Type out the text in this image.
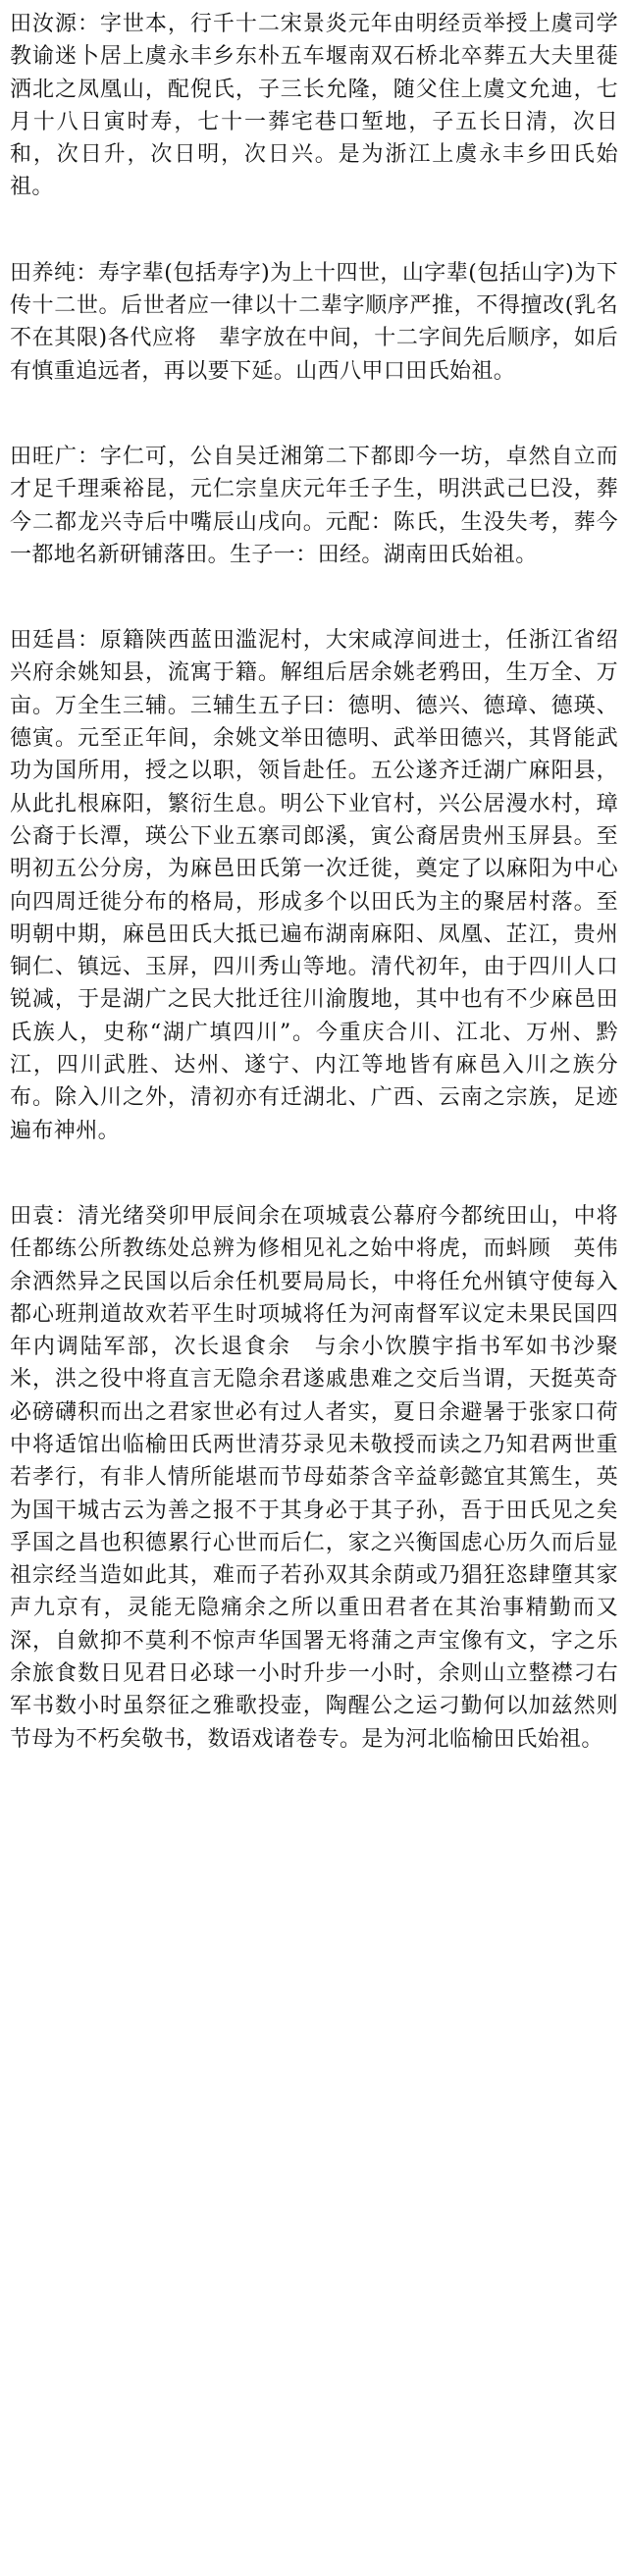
田汝源：字世本，行千十二宋景炎元年由明经贡举授上虞司学教谕迷卜居上虞永丰乡东朴五车堰南双石桥北卒葬五大夫里蓰洒北之凤凰山，配倪氏，子三长允隆，随父住上虞文允迪，七月十八日寅时寿，七十一葬宅巷口堑地，子五长日清，次日和，次日升，次日明，次日兴。是为浙江上虞永丰乡田氏始祖。

田养纯：寿字辈(包括寿字)为上十四世，山字辈(包括山字)为下传十二世。后世者应一律以十二辈字顺序严推，不得擅改(乳名不在其限)各代应将　辈字放在中间，十二字间先后顺序，如后有慎重追远者，再以要下延。山西八甲口田氏始祖。

田旺广：字仁可，公自吴迁湘第二下都即今一坊，卓然自立而才足千理乘裕昆，元仁宗皇庆元年壬子生，明洪武己巳没，葬今二都龙兴寺后中嘴辰山戌向。元配：陈氏，生没失考，葬今一都地名新研铺落田。生子一：田经。湖南田氏始祖。

田廷昌：原籍陕西蓝田滥泥村，大宋咸淳间进士，任浙江省绍兴府余姚知县，流寓于籍。解组后居余姚老鸦田，生万全、万亩。万全生三辅。三辅生五子曰：德明、德兴、德璋、德瑛、德寅。元至正年间，余姚文举田德明、武举田德兴，其肾能武功为国所用，授之以职，领旨赴任。五公遂齐迁湖广麻阳县，从此扎根麻阳，繁衍生息。明公下业官村，兴公居漫水村，璋公裔于长潭，瑛公下业五寨司郎溪，寅公裔居贵州玉屏县。至明初五公分房，为麻邑田氏第一次迁徙，奠定了以麻阳为中心向四周迁徙分布的格局，形成多个以田氏为主的聚居村落。至明朝中期，麻邑田氏大抵已遍布湖南麻阳、凤凰、芷江，贵州铜仁、镇远、玉屏，四川秀山等地。清代初年，由于四川人口锐减，于是湖广之民大批迁往川渝腹地，其中也有不少麻邑田氏族人，史称“湖广填四川”。今重庆合川、江北、万州、黔江，四川武胜、达州、遂宁、内江等地皆有麻邑入川之族分布。除入川之外，清初亦有迁湖北、广西、云南之宗族，足迹遍布神州。

田袁：清光绪癸卯甲辰间余在项城袁公幕府今都统田山，中将任都练公所教练处总辨为修相见礼之始中将虎，而蚪顾　英伟余洒然异之民国以后余任机要局局长，中将任允州镇守使每入都心班荆道故欢若平生时项城将任为河南督军议定未果民国四年内调陆军部，次长退食余　与余小饮膜宇指书军如书沙聚米，洪之役中将直言无隐余君遂戚患难之交后当谓，天挺英奇必磅礴积而出之君家世必有过人者实，夏日余避暑于张家口荷中将适馆出临榆田氏两世清芬录见未敬授而读之乃知君两世重若孝行，有非人情所能堪而节母茹荼含辛益彰懿宜其篤生，英为国干城古云为善之报不于其身必于其子孙，吾于田氏见之矣孚国之昌也积德累行心世而后仁，家之兴衡国虑心历久而后显祖宗经当造如此其，难而子若孙双其余荫或乃猖狂恣肆墮其家声九京有，灵能无隐痛余之所以重田君者在其治事精勤而又深，自歛抑不莫利不惊声华国署无将蒲之声宝像有文，字之乐余旅食数日见君日必球一小时升步一小时，余则山立整襟刁右军书数小时虽祭征之雅歌投壶，陶醒公之运刁勤何以加兹然则节母为不朽矣敬书，数语戏诸卷专。是为河北临榆田氏始祖。
